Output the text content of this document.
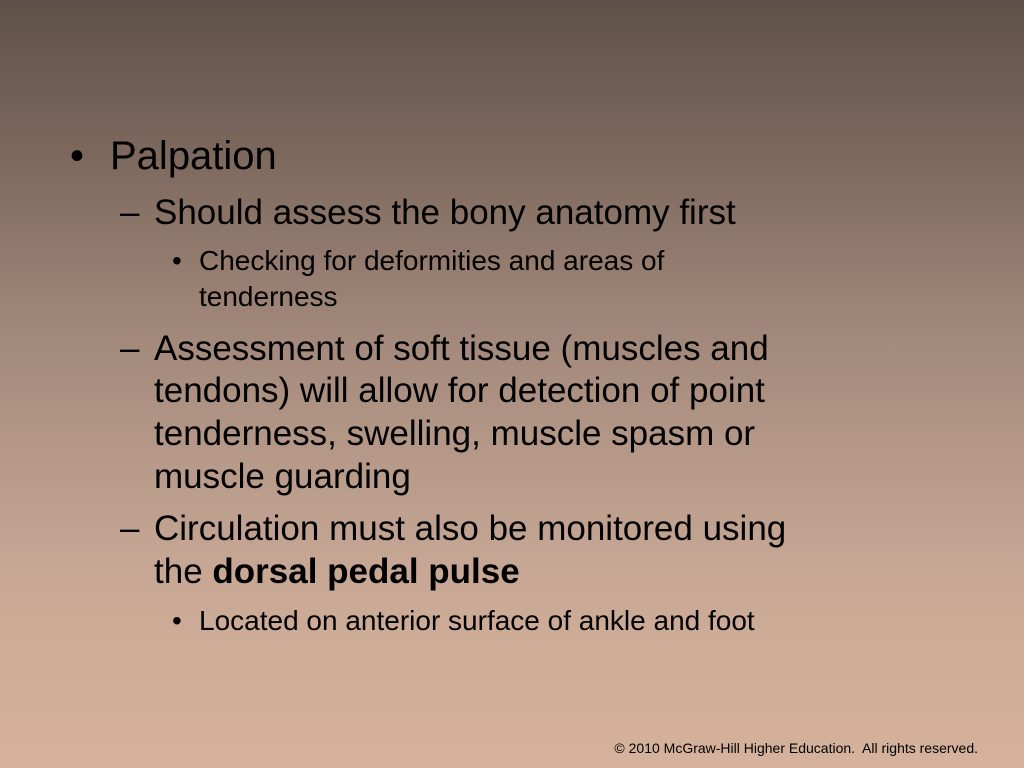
• Palpation
– Should assess the bony anatomy first
• Checking for deformities and areas of
tenderness
– Assessment of soft tissue (muscles and
tendons) will allow for detection of point
tenderness, swelling, muscle spasm or
muscle guarding
– Circulation must also be monitored using
the dorsal pedal pulse
• Located on anterior surface of ankle and foot
© 2010 McGraw-Hill Higher Education.  All rights reserved.
